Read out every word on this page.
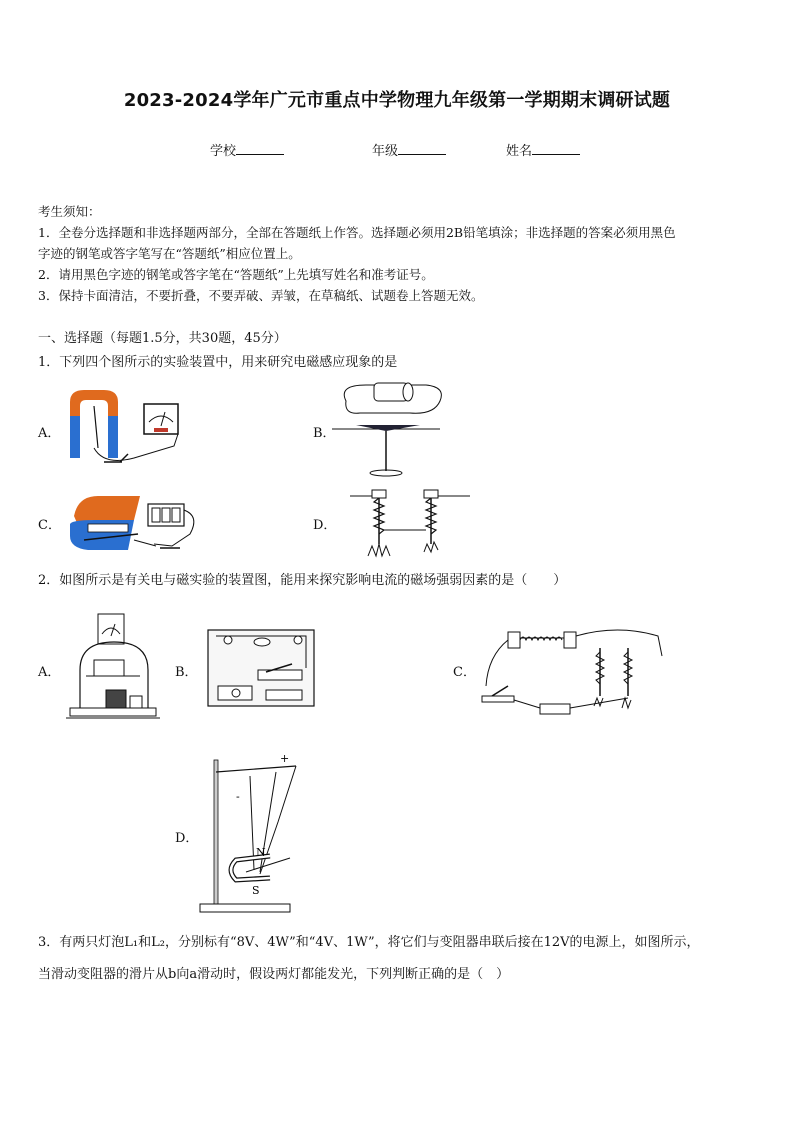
2023-2024学年广元市重点中学物理九年级第一学期期末调研试题
学校	年级	姓名
考生须知：
1．全卷分选择题和非选择题两部分，全部在答题纸上作答。选择题必须用2B铅笔填涂；非选择题的答案必须用黑色
字迹的钢笔或答字笔写在“答题纸”相应位置上。
2．请用黑色字迹的钢笔或答字笔在“答题纸”上先填写姓名和准考证号。
3．保持卡面清洁，不要折叠，不要弄破、弄皱，在草稿纸、试题卷上答题无效。
一、选择题（每题1.5分，共30题，45分）
1．下列四个图所示的实验装置中，用来研究电磁感应现象的是
A．	B．
C．	D．
2．如图所示是有关电与磁实验的装置图，能用来探究影响电流的磁场强弱因素的是（　　）
A．	B．	C．
D．
+
-
N
S
3．有两只灯泡L₁和L₂，分别标有“8V、4W”和“4V、1W”，将它们与变阻器串联后接在12V的电源上，如图所示，
当滑动变阻器的滑片从b向a滑动时，假设两灯都能发光，下列判断正确的是（　）
